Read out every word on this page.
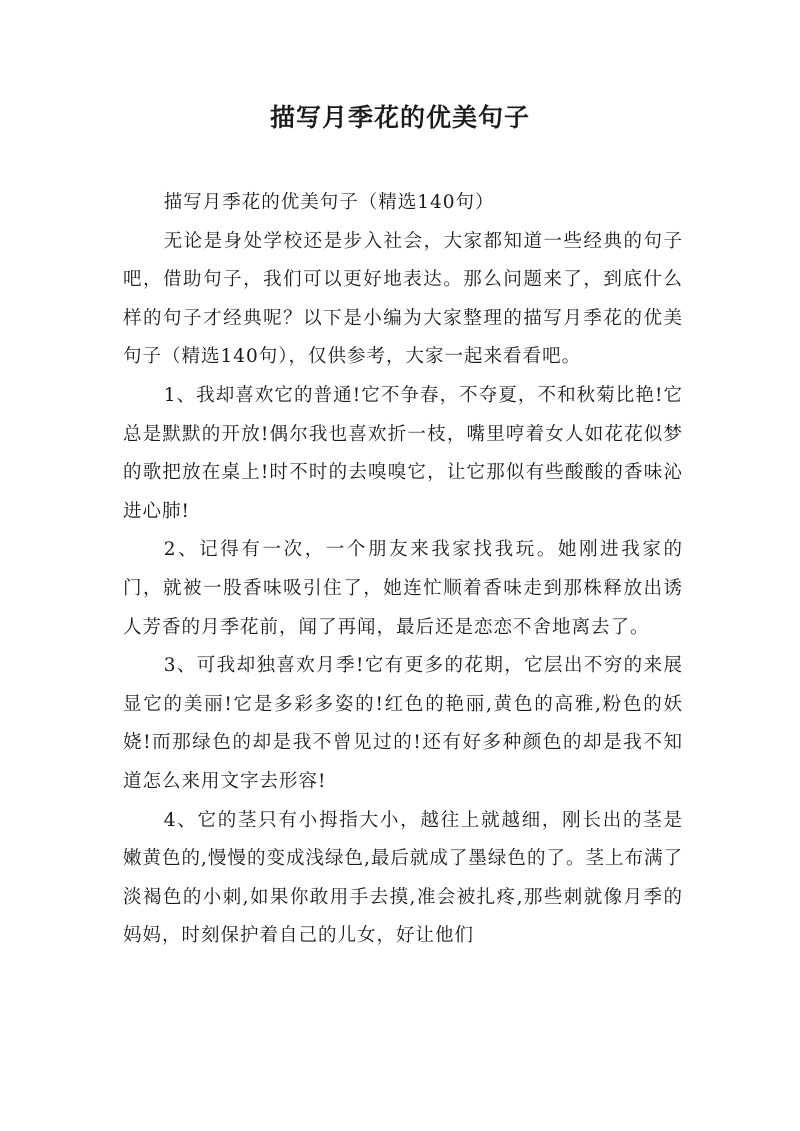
描写月季花的优美句子

描写月季花的优美句子（精选140句）

无论是身处学校还是步入社会，大家都知道一些经典的句子吧，借助句子，我们可以更好地表达。那么问题来了，到底什么样的句子才经典呢？以下是小编为大家整理的描写月季花的优美句子（精选140句），仅供参考，大家一起来看看吧。

1、我却喜欢它的普通!它不争春，不夺夏，不和秋菊比艳!它总是默默的开放!偶尔我也喜欢折一枝，嘴里哼着女人如花花似梦的歌把放在桌上!时不时的去嗅嗅它，让它那似有些酸酸的香味沁进心肺!

2、记得有一次，一个朋友来我家找我玩。她刚进我家的门，就被一股香味吸引住了，她连忙顺着香味走到那株释放出诱人芳香的月季花前，闻了再闻，最后还是恋恋不舍地离去了。

3、可我却独喜欢月季!它有更多的花期，它层出不穷的来展显它的美丽!它是多彩多姿的!红色的艳丽,黄色的高雅,粉色的妖娆!而那绿色的却是我不曾见过的!还有好多种颜色的却是我不知道怎么来用文字去形容!

4、它的茎只有小拇指大小，越往上就越细，刚长出的茎是嫩黄色的,慢慢的变成浅绿色,最后就成了墨绿色的了。茎上布满了淡褐色的小刺,如果你敢用手去摸,准会被扎疼,那些刺就像月季的妈妈，时刻保护着自己的儿女，好让他们
